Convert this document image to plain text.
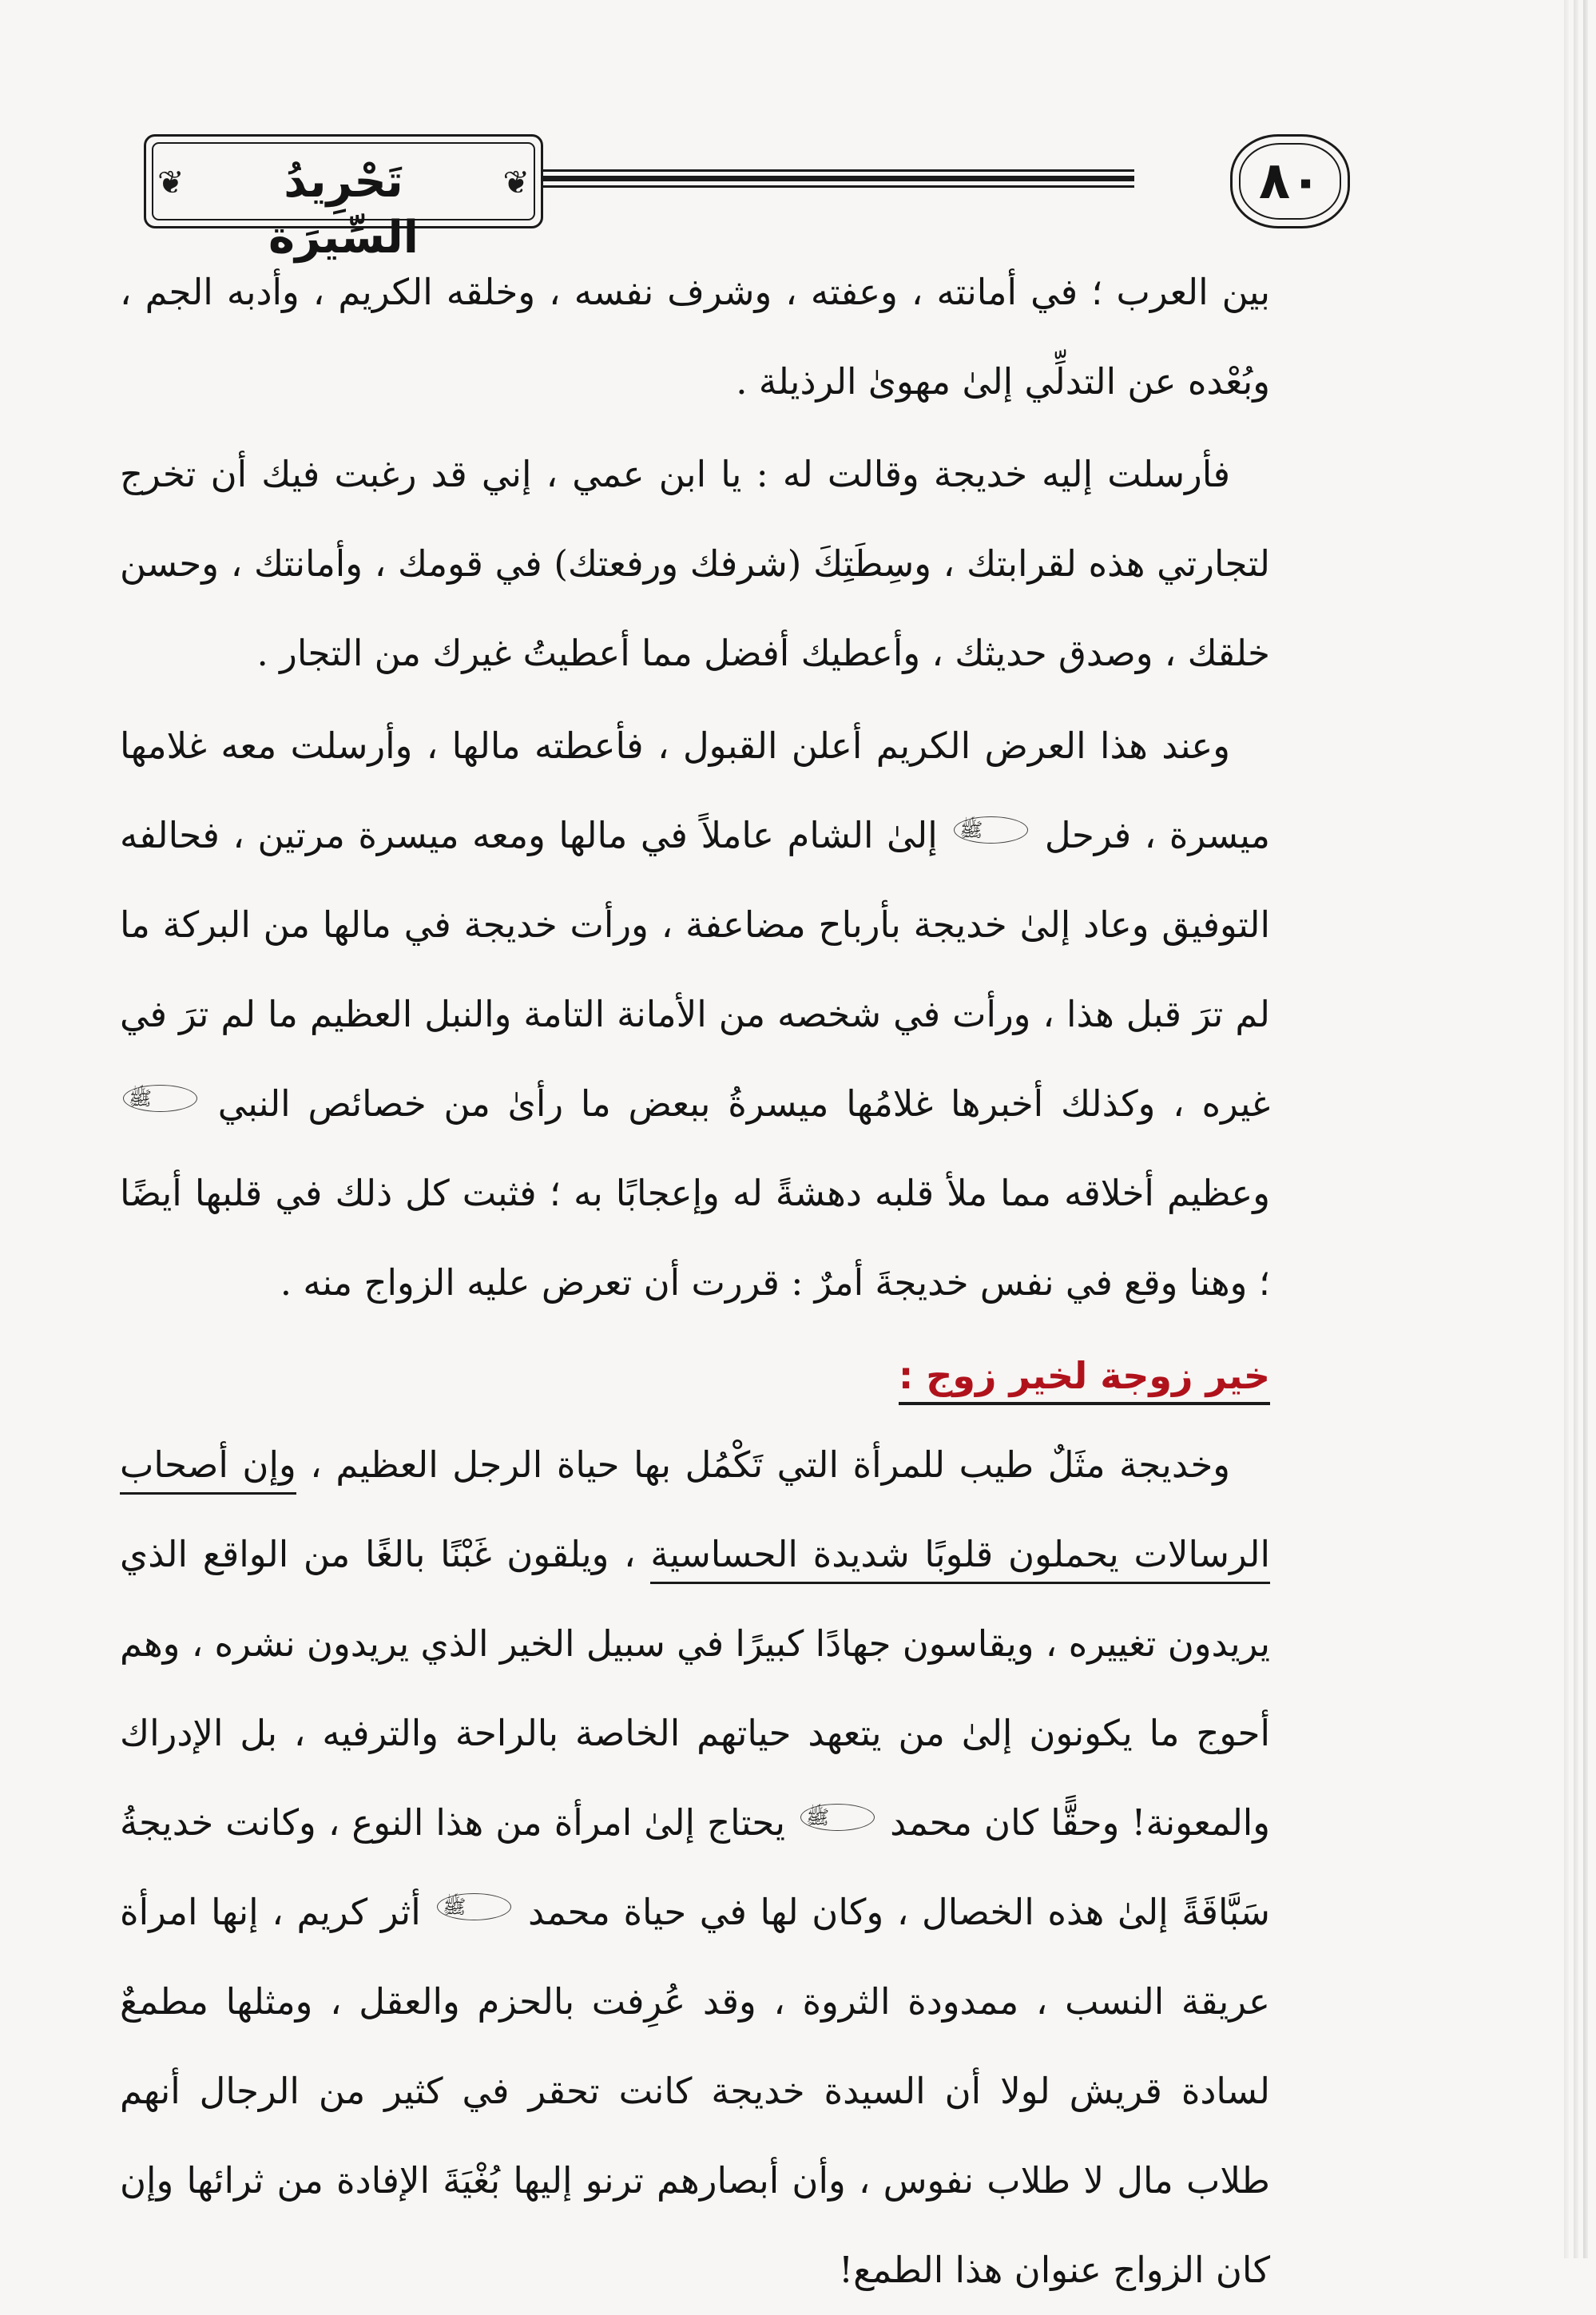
❦	تَحْرِيدُ السِّيرَة
❦	٨٠

بين العرب ؛ في أمانته ، وعفته ، وشرف نفسه ، وخلقه الكريم ، وأدبه الجم ، وبُعْده عن التدلِّي إلىٰ مهوىٰ الرذيلة .

فأرسلت إليه خديجة وقالت له : يا ابن عمي ، إني قد رغبت فيك أن تخرج لتجارتي هذه لقرابتك ، وسِطَتِكَ (شرفك ورفعتك) في قومك ، وأمانتك ، وحسن خلقك ، وصدق حديثك ، وأعطيك أفضل مما أعطيتُ غيرك من التجار .

وعند هذا العرض الكريم أعلن القبول ، فأعطته مالها ، وأرسلت معه غلامها ميسرة ، فرحل ﷺ إلىٰ الشام عاملاً في مالها ومعه ميسرة مرتين ، فحالفه التوفيق وعاد إلىٰ خديجة بأرباح مضاعفة ، ورأت خديجة في مالها من البركة ما لم ترَ قبل هذا ، ورأت في شخصه من الأمانة التامة والنبل العظيم ما لم ترَ في غيره ، وكذلك أخبرها غلامُها ميسرةُ ببعض ما رأىٰ من خصائص النبي ﷺ وعظيم أخلاقه مما ملأ قلبه دهشةً له وإعجابًا به ؛ فثبت كل ذلك في قلبها أيضًا ؛ وهنا وقع في نفس خديجةَ أمرٌ : قررت أن تعرض عليه الزواج منه .

خير زوجة لخير زوج :

وخديجة مثَلٌ طيب للمرأة التي تَكْمُل بها حياة الرجل العظيم ، وإن أصحاب الرسالات يحملون قلوبًا شديدة الحساسية ، ويلقون غَبْنًا بالغًا من الواقع الذي يريدون تغييره ، ويقاسون جهادًا كبيرًا في سبيل الخير الذي يريدون نشره ، وهم أحوج ما يكونون إلىٰ من يتعهد حياتهم الخاصة بالراحة والترفيه ، بل الإدراك والمعونة! وحقًّا كان محمد ﷺ يحتاج إلىٰ امرأة من هذا النوع ، وكانت خديجةُ سَبَّاقَةً إلىٰ هذه الخصال ، وكان لها في حياة محمد ﷺ أثر كريم ، إنها امرأة عريقة النسب ، ممدودة الثروة ، وقد عُرِفت بالحزم والعقل ، ومثلها مطمعٌ لسادة قريش لولا أن السيدة خديجة كانت تحقر في كثير من الرجال أنهم طلاب مال لا طلاب نفوس ، وأن أبصارهم ترنو إليها بُغْيَةَ الإفادة من ثرائها وإن كان الزواج عنوان هذا الطمع!
